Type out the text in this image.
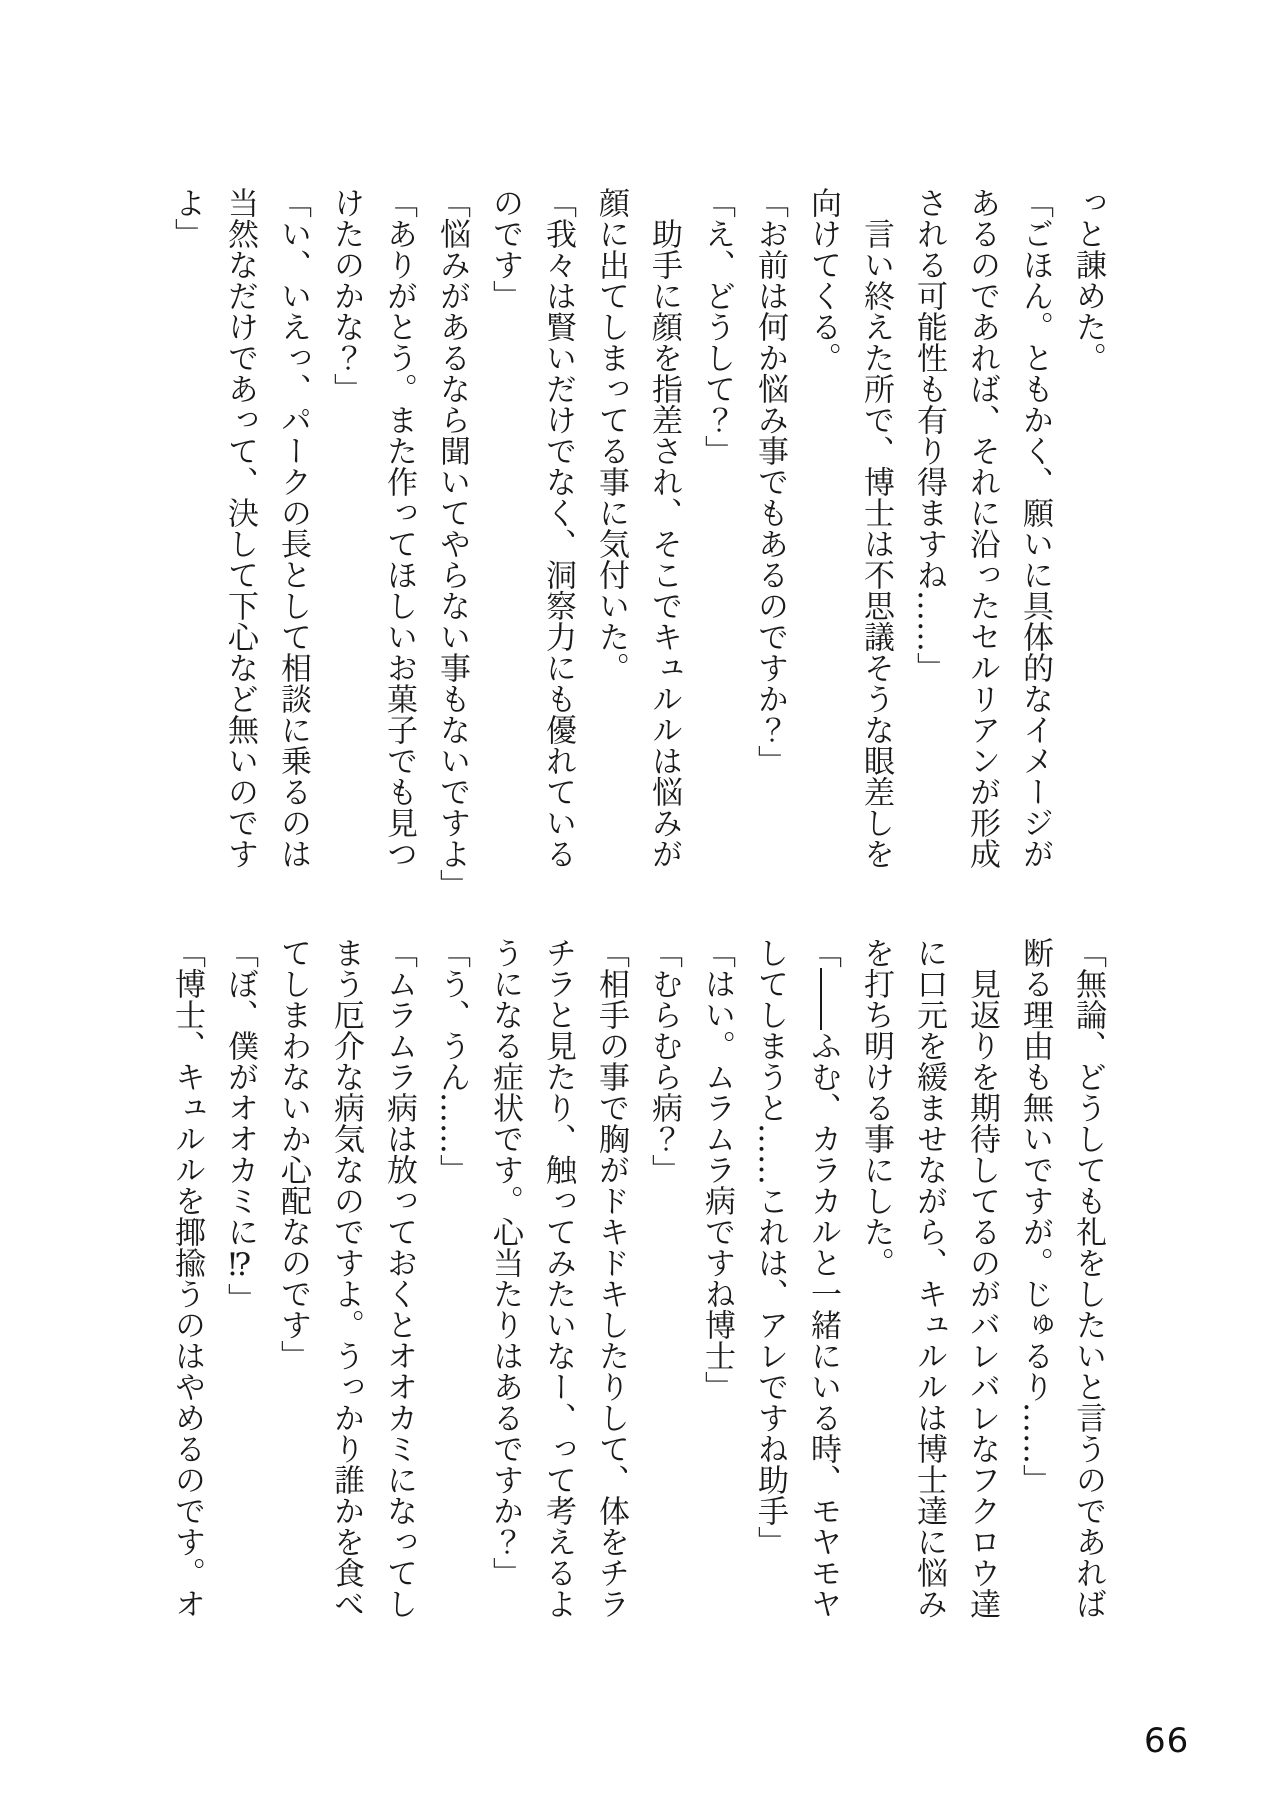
っと諌めた。

「ごほん。ともかく、願いに具体的なイメージが

あるのであれば、それに沿ったセルリアンが形成

される可能性も有り得ますね……」

言い終えた所で、博士は不思議そうな眼差しを

向けてくる。

「お前は何か悩み事でもあるのですか？」

「え、どうして？」

助手に顔を指差され、そこでキュルルは悩みが

顔に出てしまってる事に気付いた。

「我々は賢いだけでなく、洞察力にも優れている

のです」

「悩みがあるなら聞いてやらない事もないですよ」

「ありがとう。また作ってほしいお菓子でも見つ

けたのかな？」

「い、いえっ、パークの長として相談に乗るのは

当然なだけであって、決して下心など無いのです

よ」

「無論、どうしても礼をしたいと言うのであれば

断る理由も無いですが。じゅるり……」

見返りを期待してるのがバレバレなフクロウ達

に口元を緩ませながら、キュルルは博士達に悩み

を打ち明ける事にした。

「――ふむ、カラカルと一緒にいる時、モヤモヤ

してしまうと……これは、アレですね助手」

「はい。ムラムラ病ですね博士」

「むらむら病？」

「相手の事で胸がドキドキしたりして、体をチラ

チラと見たり、触ってみたいなー、って考えるよ

うになる症状です。心当たりはあるですか？」

「う、うん……」

「ムラムラ病は放っておくとオオカミになってし

まう厄介な病気なのですよ。うっかり誰かを食べ

てしまわないか心配なのです」

「ぼ、僕がオオカミに⁉」

「博士、キュルルを揶揄うのはやめるのです。オ

66
